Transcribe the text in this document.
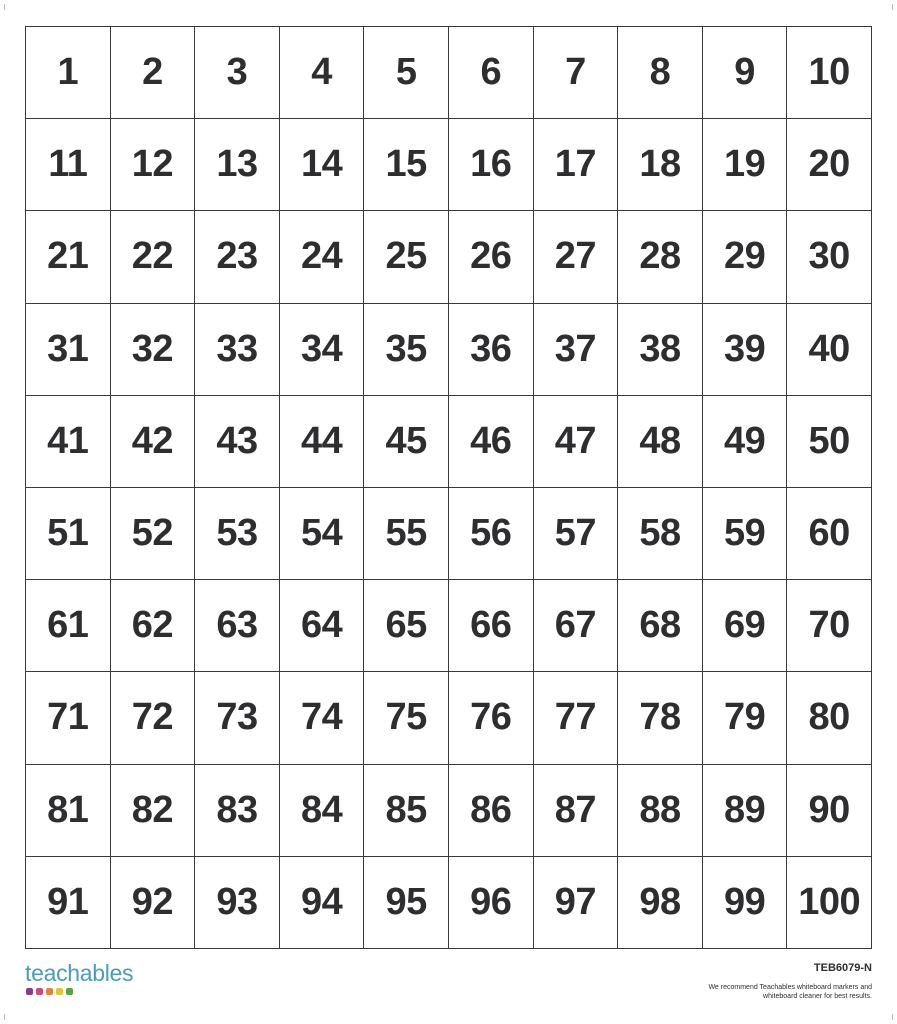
1	2	3	4	5	6	7	8	9	10
11	12	13	14	15	16	17	18	19	20
21	22	23	24	25	26	27	28	29	30
31	32	33	34	35	36	37	38	39	40
41	42	43	44	45	46	47	48	49	50
51	52	53	54	55	56	57	58	59	60
61	62	63	64	65	66	67	68	69	70
71	72	73	74	75	76	77	78	79	80
81	82	83	84	85	86	87	88	89	90
91	92	93	94	95	96	97	98	99 100
teachables	TEB6079-N
We recommend Teachables whiteboard markers and whiteboard cleaner for best results.
